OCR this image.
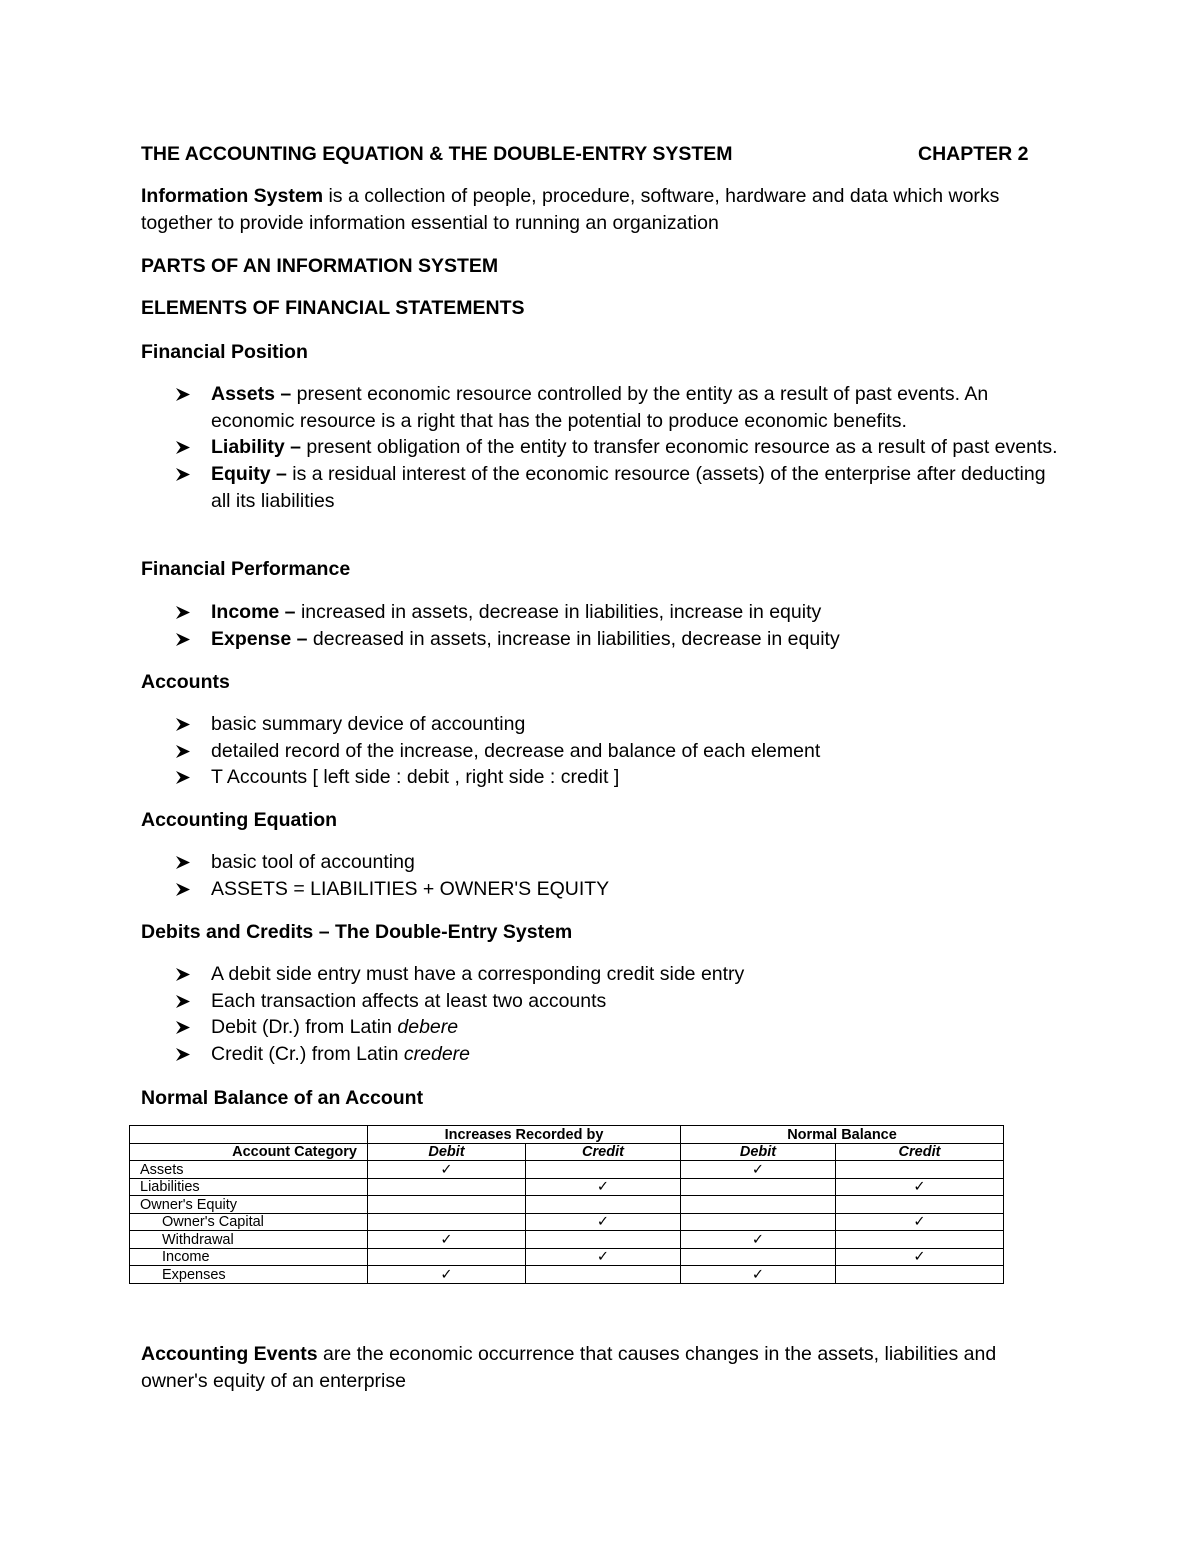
THE ACCOUNTING EQUATION & THE DOUBLE-ENTRY SYSTEM	CHAPTER 2
Information System is a collection of people, procedure, software, hardware and data which works together to provide information essential to running an organization
PARTS OF AN INFORMATION SYSTEM
ELEMENTS OF FINANCIAL STATEMENTS
Financial Position
Assets – present economic resource controlled by the entity as a result of past events. An economic resource is a right that has the potential to produce economic benefits.
Liability – present obligation of the entity to transfer economic resource as a result of past events.
Equity – is a residual interest of the economic resource (assets) of the enterprise after deducting all its liabilities
Financial Performance
Income – increased in assets, decrease in liabilities, increase in equity
Expense – decreased in assets, increase in liabilities, decrease in equity
Accounts
basic summary device of accounting
detailed record of the increase, decrease and balance of each element
T Accounts [ left side : debit , right side : credit ]
Accounting Equation
basic tool of accounting
ASSETS = LIABILITIES + OWNER'S EQUITY
Debits and Credits – The Double-Entry System
A debit side entry must have a corresponding credit side entry
Each transaction affects at least two accounts
Debit (Dr.) from Latin debere
Credit (Cr.) from Latin credere
Normal Balance of an Account
	Increases Recorded by		Normal Balance	
Account Category	Debit	Credit	Debit	Credit
Assets	✓		✓	
Liabilities		✓		✓
Owner's Equity				
Owner's Capital		✓		✓
Withdrawal	✓		✓	
Income		✓		✓
Expenses	✓		✓	
Accounting Events are the economic occurrence that causes changes in the assets, liabilities and owner's equity of an enterprise
